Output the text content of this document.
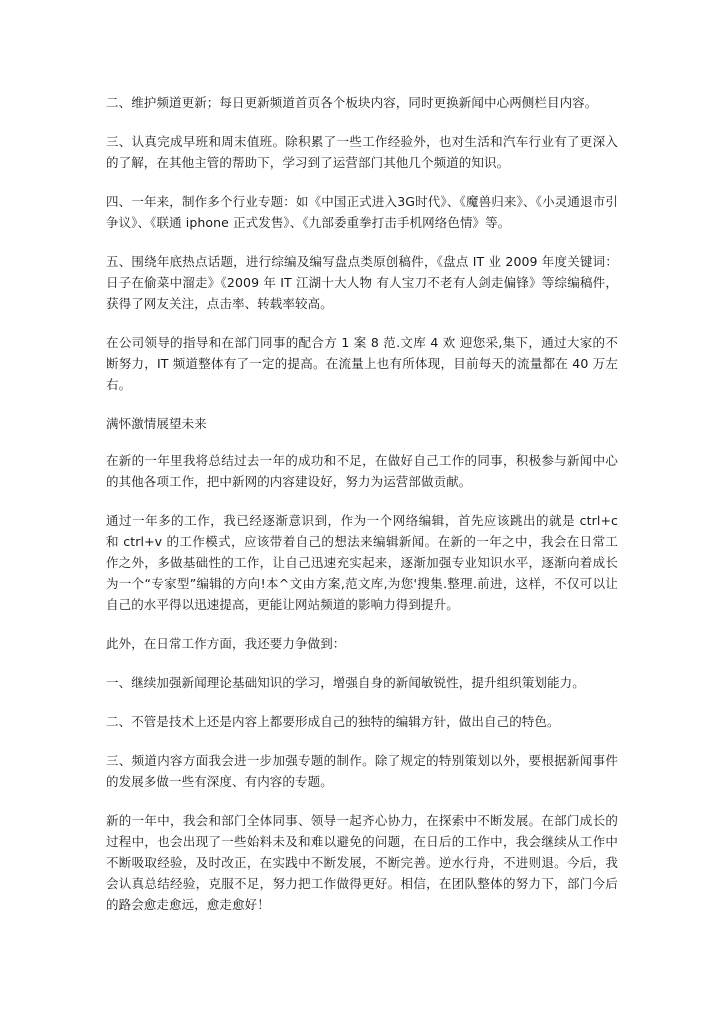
二、维护频道更新；每日更新频道首页各个板块内容，同时更换新闻中心两侧栏目内容。

三、认真完成早班和周末值班。除积累了一些工作经验外，也对生活和汽车行业有了更深入的了解，在其他主管的帮助下，学习到了运营部门其他几个频道的知识。

四、一年来，制作多个行业专题：如《中国正式进入3G时代》、《魔兽归来》、《小灵通退市引争议》、《联通 iphone 正式发售》、《九部委重拳打击手机网络色情》等。

五、围绕年底热点话题，进行综编及编写盘点类原创稿件，《盘点 IT 业 2009 年度关键词：日子在偷菜中溜走》《2009 年 IT 江湖十大人物 有人宝刀不老有人剑走偏锋》等综编稿件，获得了网友关注，点击率、转载率较高。

在公司领导的指导和在部门同事的配合方 1 案 8 范.文库 4 欢 迎您采,集下，通过大家的不断努力，IT 频道整体有了一定的提高。在流量上也有所体现，目前每天的流量都在 40 万左右。

满怀激情展望未来

在新的一年里我将总结过去一年的成功和不足，在做好自己工作的同事，积极参与新闻中心的其他各项工作，把中新网的内容建设好，努力为运营部做贡献。

通过一年多的工作，我已经逐渐意识到，作为一个网络编辑，首先应该跳出的就是 ctrl+c 和 ctrl+v 的工作模式，应该带着自己的想法来编辑新闻。在新的一年之中，我会在日常工作之外，多做基础性的工作，让自己迅速充实起来，逐渐加强专业知识水平，逐渐向着成长为一个“专家型”编辑的方向!本^文由方案,范文库,为您'搜集.整理.前进，这样，不仅可以让自己的水平得以迅速提高，更能让网站频道的影响力得到提升。

此外，在日常工作方面，我还要力争做到：

一、继续加强新闻理论基础知识的学习，增强自身的新闻敏锐性，提升组织策划能力。

二、不管是技术上还是内容上都要形成自己的独特的编辑方针，做出自己的特色。

三、频道内容方面我会进一步加强专题的制作。除了规定的特别策划以外，要根据新闻事件的发展多做一些有深度、有内容的专题。

新的一年中，我会和部门全体同事、领导一起齐心协力，在探索中不断发展。在部门成长的过程中，也会出现了一些始料未及和难以避免的问题，在日后的工作中，我会继续从工作中不断吸取经验，及时改正，在实践中不断发展，不断完善。逆水行舟，不进则退。今后，我会认真总结经验，克服不足，努力把工作做得更好。相信，在团队整体的努力下，部门今后的路会愈走愈远，愈走愈好！
